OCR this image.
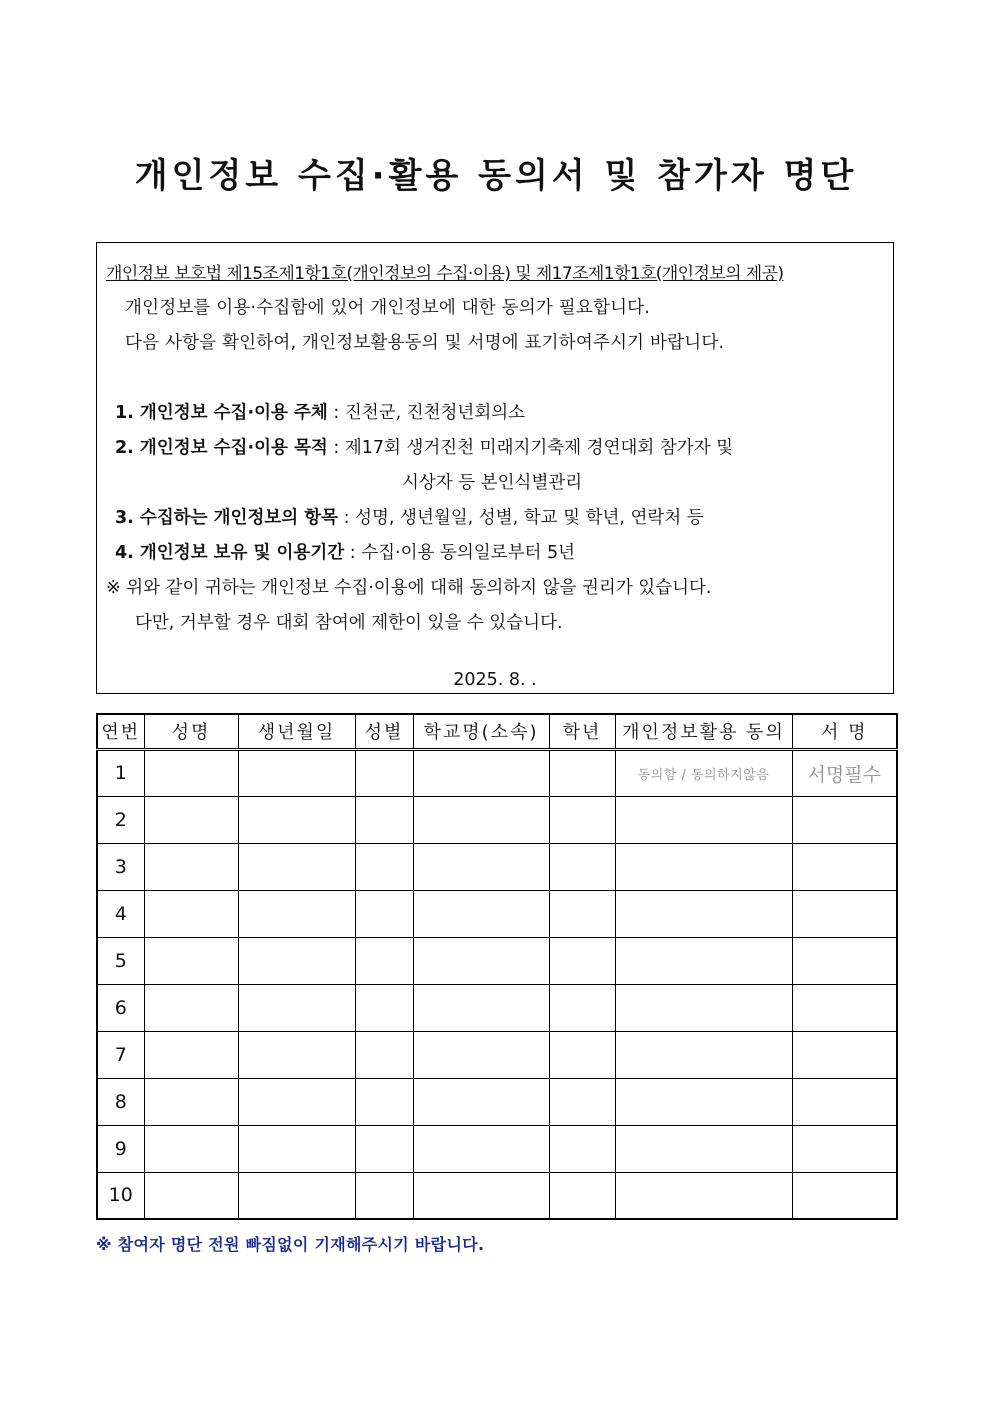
개인정보 수집·활용 동의서 및 참가자 명단
개인정보 보호법 제15조제1항1호(개인정보의 수집·이용) 및 제17조제1항1호(개인정보의 제공)
개인정보를 이용·수집함에 있어 개인정보에 대한 동의가 필요합니다.
다음 사항을 확인하여, 개인정보활용동의 및 서명에 표기하여주시기 바랍니다.
1. 개인정보 수집·이용 주체 : 진천군, 진천청년회의소
2. 개인정보 수집·이용 목적 : 제17회 생거진천 미래지기축제 경연대회 참가자 및
시상자 등 본인식별관리
3. 수집하는 개인정보의 항목 : 성명, 생년월일, 성별, 학교 및 학년, 연락처 등
4. 개인정보 보유 및 이용기간 : 수집·이용 동의일로부터 5년
※ 위와 같이 귀하는 개인정보 수집·이용에 대해 동의하지 않을 권리가 있습니다.
다만, 거부할 경우 대회 참여에 제한이 있을 수 있습니다.
2025. 8. .
연번	성명	생년월일	성별	학교명(소속)	학년	개인정보활용 동의	서 명
1						동의함 / 동의하지않음	서명필수
2							
3							
4							
5							
6							
7							
8							
9							
10							
※ 참여자 명단 전원 빠짐없이 기재해주시기 바랍니다.
